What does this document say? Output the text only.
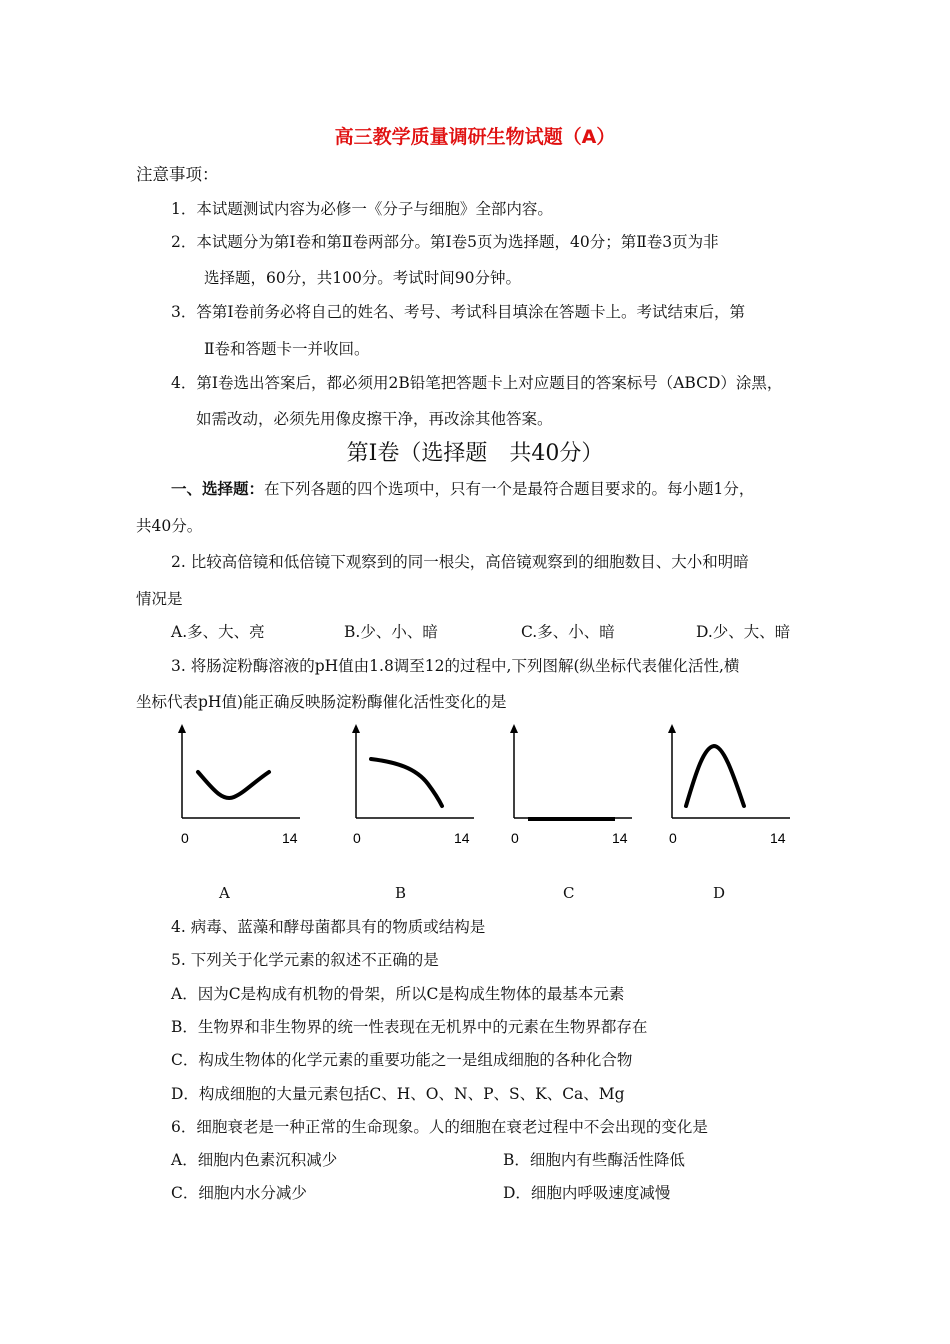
高三教学质量调研生物试题（A）
注意事项：
1．本试题测试内容为必修一《分子与细胞》全部内容。
2．本试题分为第Ⅰ卷和第Ⅱ卷两部分。第Ⅰ卷5页为选择题，40分；第Ⅱ卷3页为非
选择题，60分，共100分。考试时间90分钟。
3．答第Ⅰ卷前务必将自己的姓名、考号、考试科目填涂在答题卡上。考试结束后，第
Ⅱ卷和答题卡一并收回。
4．第Ⅰ卷选出答案后，都必须用2B铅笔把答题卡上对应题目的答案标号（ABCD）涂黑，
如需改动，必须先用像皮擦干净，再改涂其他答案。
第Ⅰ卷（选择题　共40分）
一、选择题：在下列各题的四个选项中，只有一个是最符合题目要求的。每小题1分，
共40分。
2. 比较高倍镜和低倍镜下观察到的同一根尖，高倍镜观察到的细胞数目、大小和明暗
情况是
A.多、大、亮	B.少、小、暗	C.多、小、暗	D.少、大、暗
3. 将肠淀粉酶溶液的pH值由1.8调至12的过程中,下列图解(纵坐标代表催化活性,横
坐标代表pH值)能正确反映肠淀粉酶催化活性变化的是
0	14	0	14	0	14	0	14
A	B	C	D
4. 病毒、蓝藻和酵母菌都具有的物质或结构是
5. 下列关于化学元素的叙述不正确的是
A．因为C是构成有机物的骨架，所以C是构成生物体的最基本元素
B．生物界和非生物界的统一性表现在无机界中的元素在生物界都存在
C．构成生物体的化学元素的重要功能之一是组成细胞的各种化合物
D．构成细胞的大量元素包括C、H、O、N、P、S、K、Ca、Mg
6．细胞衰老是一种正常的生命现象。人的细胞在衰老过程中不会出现的变化是
A．细胞内色素沉积减少	B．细胞内有些酶活性降低
C．细胞内水分减少	D．细胞内呼吸速度减慢
